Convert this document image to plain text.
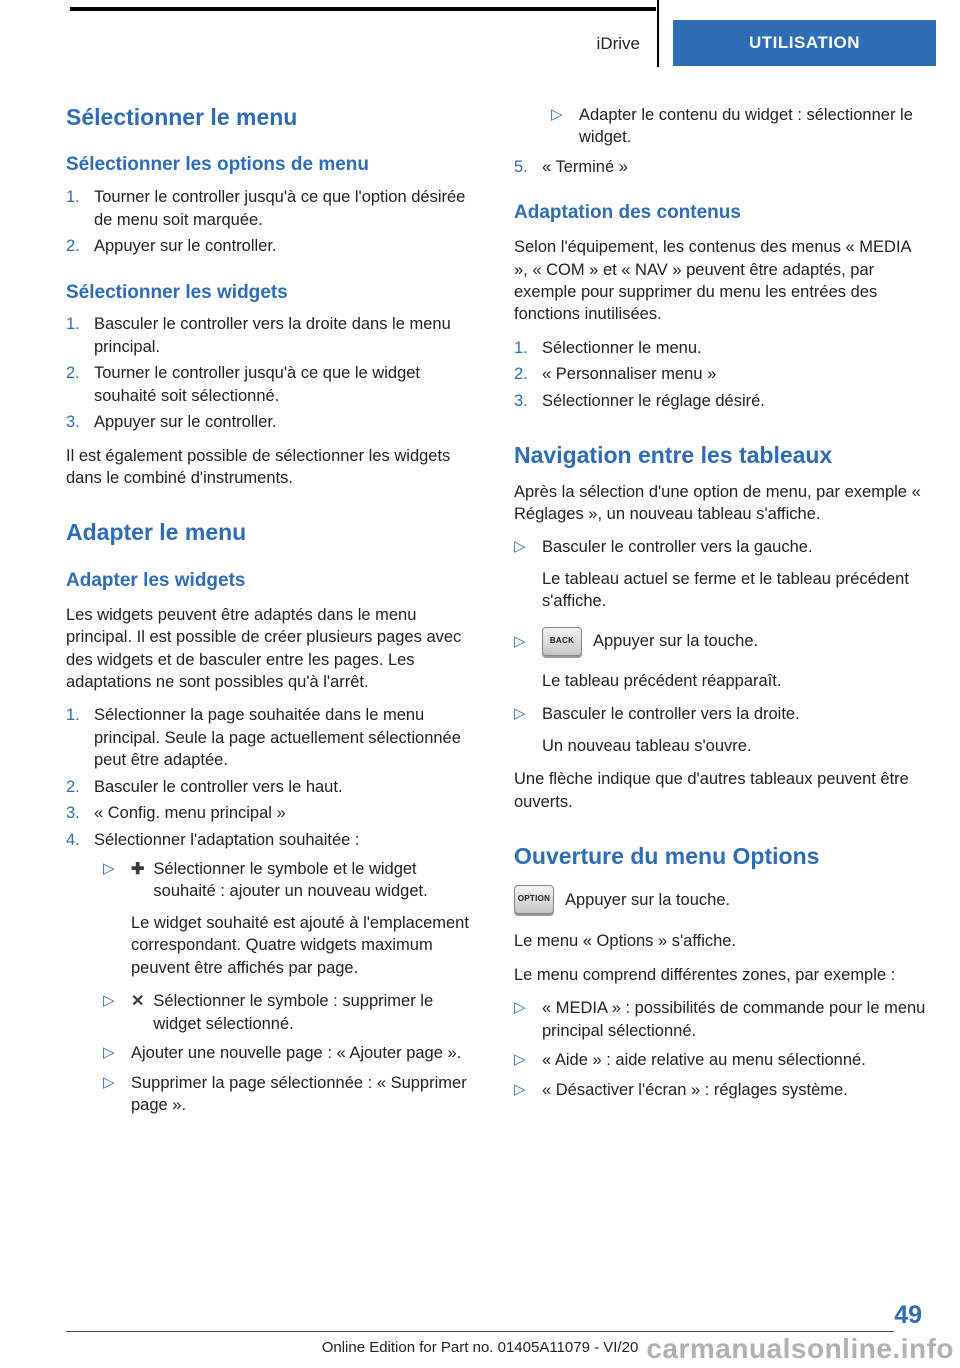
iDrive	UTILISATION
Sélectionner le menu
Sélectionner les options de menu
1. Tourner le controller jusqu'à ce que l'option désirée de menu soit marquée.
2. Appuyer sur le controller.
Sélectionner les widgets
1. Basculer le controller vers la droite dans le menu principal.
2. Tourner le controller jusqu'à ce que le widget souhaité soit sélectionné.
3. Appuyer sur le controller.

Il est également possible de sélectionner les widgets dans le combiné d'instruments.

Adapter le menu
Adapter les widgets

Les widgets peuvent être adaptés dans le menu principal. Il est possible de créer plusieurs pages avec des widgets et de basculer entre les pages. Les adaptations ne sont possibles qu'à l'arrêt.

1. Sélectionner la page souhaitée dans le menu principal. Seule la page actuellement sélectionnée peut être adaptée.
2. Basculer le controller vers le haut.
3. « Config. menu principal »
4. Sélectionner l'adaptation souhaitée :
▷	✚ Sélectionner le symbole et le widget souhaité : ajouter un nouveau widget.

Le widget souhaité est ajouté à l'emplacement correspondant. Quatre widgets maximum peuvent être affichés par page.

▷	✕ Sélectionner le symbole : supprimer le widget sélectionné.
▷ Ajouter une nouvelle page : « Ajouter page ».
▷ Supprimer la page sélectionnée : « Supprimer page ».
▷ Adapter le contenu du widget : sélectionner le widget.
5. « Terminé »
Adaptation des contenus

Selon l'équipement, les contenus des menus « MEDIA », « COM » et « NAV » peuvent être adaptés, par exemple pour supprimer du menu les entrées des fonctions inutilisées.

1. Sélectionner le menu.
2. « Personnaliser menu »
3. Sélectionner le réglage désiré.
Navigation entre les tableaux

Après la sélection d'une option de menu, par exemple « Réglages », un nouveau tableau s'affiche.

▷ Basculer le controller vers la gauche.

Le tableau actuel se ferme et le tableau précédent s'affiche.

▷	BACK	Appuyer sur la touche.

Le tableau précédent réapparaît.

▷ Basculer le controller vers la droite.

Un nouveau tableau s'ouvre.

Une flèche indique que d'autres tableaux peuvent être ouverts.

Ouverture du menu Options
OPTION Appuyer sur la touche.

Le menu « Options » s'affiche.

Le menu comprend différentes zones, par exemple :

▷ « MEDIA » : possibilités de commande pour le menu principal sélectionné.
▷ « Aide » : aide relative au menu sélectionné.
▷ « Désactiver l'écran » : réglages système.
49
Online Edition for Part no. 01405A11079 - VI/20 carmanualsonline.info
